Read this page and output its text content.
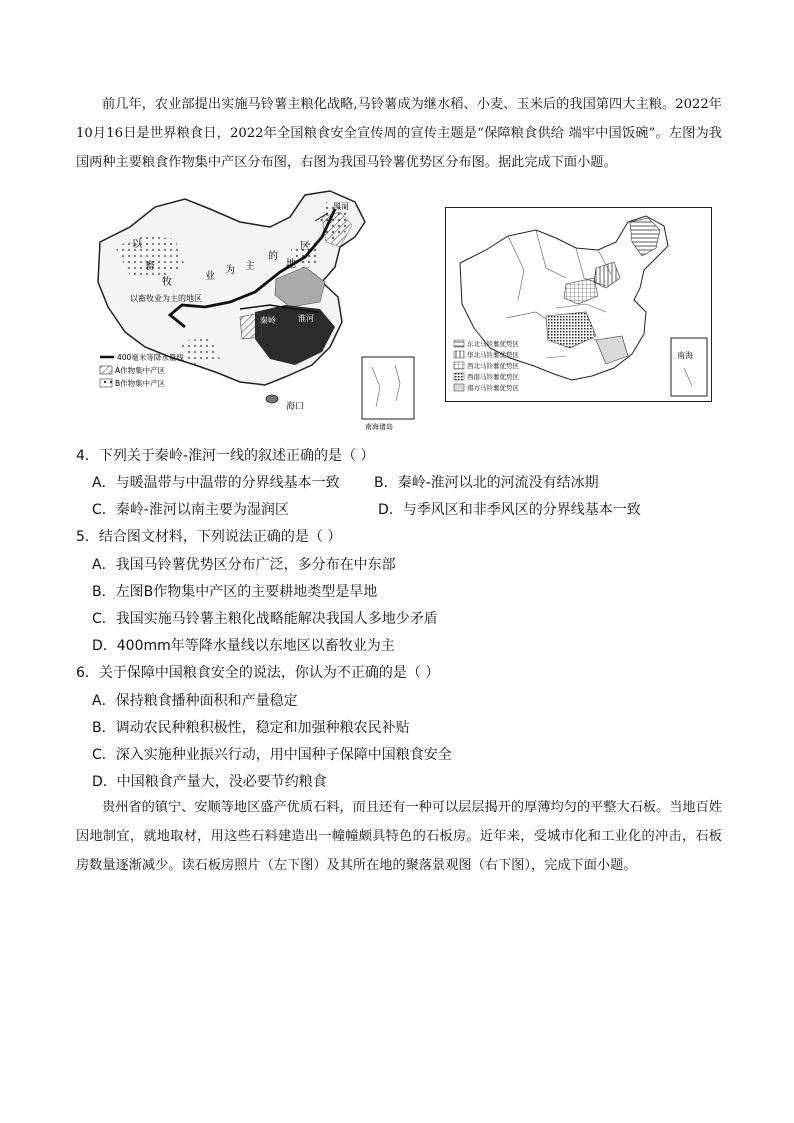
前几年，农业部提出实施马铃薯主粮化战略,马铃薯成为继水稻、小麦、玉米后的我国第四大主粮。2022年10月16日是世界粮食日，2022年全国粮食安全宣传周的宣传主题是“保障粮食供给 端牢中国饭碗”。左图为我国两种主要粮食作物集中产区分布图，右图为我国马铃薯优势区分布图。据此完成下面小题。
黑河
以
畜
牧
业
为 主
的
地
区
以畜牧业为主的地区
秦岭	淮河
海口
南海诸岛
400毫米等降水量线
A作物集中产区
B作物集中产区
南海
东北马铃薯优势区
华北马铃薯优势区
西北马铃薯优势区
西南马铃薯优势区
南方马铃薯优势区
4．下列关于秦岭-淮河一线的叙述正确的是（ ）
A．与暖温带与中温带的分界线基本一致 B．秦岭-淮河以北的河流没有结冰期
C．秦岭-淮河以南主要为湿润区	D．与季风区和非季风区的分界线基本一致
5．结合图文材料，下列说法正确的是（ ）
A．我国马铃薯优势区分布广泛，多分布在中东部
B．左图B作物集中产区的主要耕地类型是旱地
C．我国实施马铃薯主粮化战略能解决我国人多地少矛盾
D．400mm年等降水量线以东地区以畜牧业为主
6．关于保障中国粮食安全的说法，你认为不正确的是（ ）
A．保持粮食播种面积和产量稳定
B．调动农民种粮积极性，稳定和加强种粮农民补贴
C．深入实施种业振兴行动，用中国种子保障中国粮食安全
D．中国粮食产量大，没必要节约粮食
贵州省的镇宁、安顺等地区盛产优质石料，而且还有一种可以层层揭开的厚薄均匀的平整大石板。当地百姓因地制宜，就地取材，用这些石料建造出一幢幢颇具特色的石板房。近年来，受城市化和工业化的冲击，石板房数量逐渐减少。读石板房照片（左下图）及其所在地的聚落景观图（右下图），完成下面小题。
